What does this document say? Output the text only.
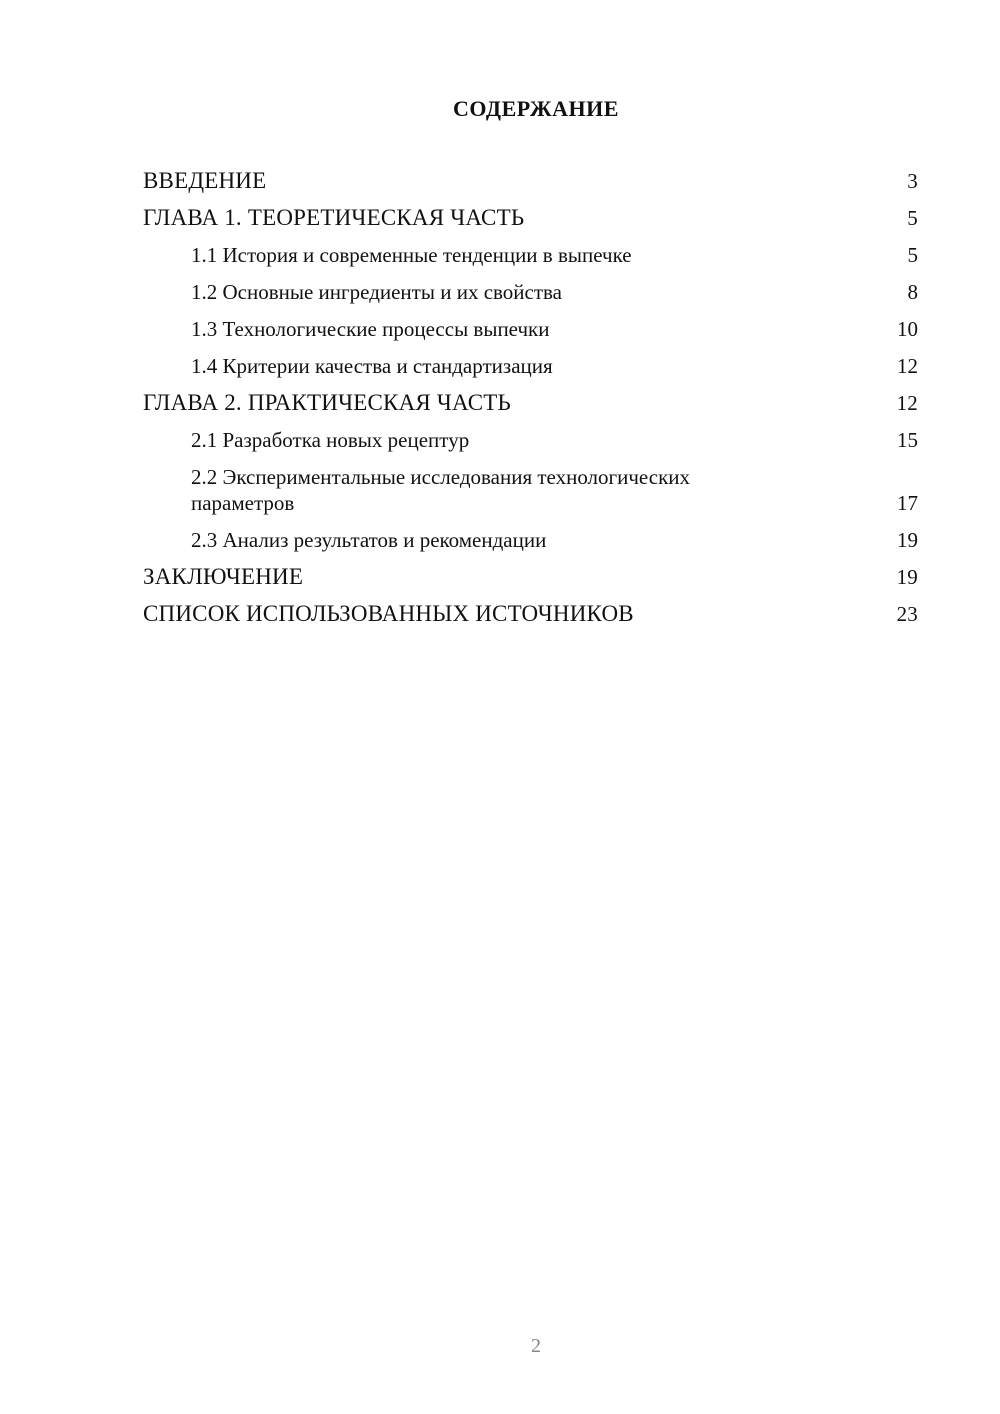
СОДЕРЖАНИЕ
ВВЕДЕНИЕ	3
ГЛАВА 1. ТЕОРЕТИЧЕСКАЯ ЧАСТЬ	5
1.1 История и современные тенденции в выпечке	5
1.2 Основные ингредиенты и их свойства	8
1.3 Технологические процессы выпечки	10
1.4 Критерии качества и стандартизация	12
ГЛАВА 2. ПРАКТИЧЕСКАЯ ЧАСТЬ	12
2.1 Разработка новых рецептур	15
2.2 Экспериментальные исследования технологических параметров	17
2.3 Анализ результатов и рекомендации	19
ЗАКЛЮЧЕНИЕ	19
СПИСОК ИСПОЛЬЗОВАННЫХ ИСТОЧНИКОВ	23
2
